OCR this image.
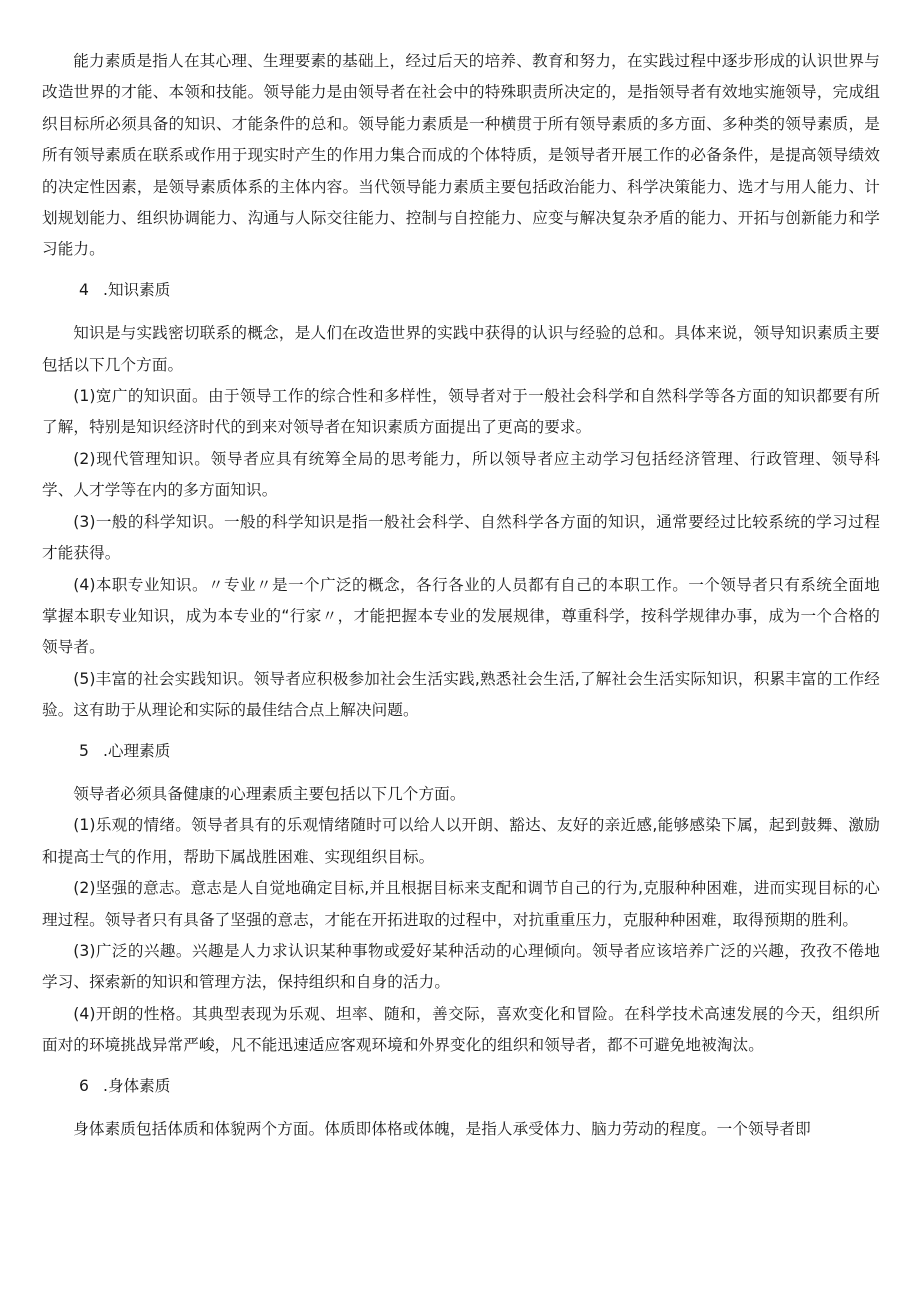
能力素质是指人在其心理、生理要素的基础上，经过后天的培养、教育和努力，在实践过程中逐步形成的认识世界与改造世界的才能、本领和技能。领导能力是由领导者在社会中的特殊职责所决定的，是指领导者有效地实施领导，完成组织目标所必须具备的知识、才能条件的总和。领导能力素质是一种横贯于所有领导素质的多方面、多种类的领导素质，是所有领导素质在联系或作用于现实时产生的作用力集合而成的个体特质，是领导者开展工作的必备条件，是提高领导绩效的决定性因素，是领导素质体系的主体内容。当代领导能力素质主要包括政治能力、科学决策能力、选才与用人能力、计划规划能力、组织协调能力、沟通与人际交往能力、控制与自控能力、应变与解决复杂矛盾的能力、开拓与创新能力和学习能力。

4 .知识素质

知识是与实践密切联系的概念，是人们在改造世界的实践中获得的认识与经验的总和。具体来说，领导知识素质主要包括以下几个方面。

(1)宽广的知识面。由于领导工作的综合性和多样性，领导者对于一般社会科学和自然科学等各方面的知识都要有所了解，特别是知识经济时代的到来对领导者在知识素质方面提出了更高的要求。

(2)现代管理知识。领导者应具有统筹全局的思考能力，所以领导者应主动学习包括经济管理、行政管理、领导科学、人才学等在内的多方面知识。

(3)一般的科学知识。一般的科学知识是指一般社会科学、自然科学各方面的知识，通常要经过比较系统的学习过程才能获得。

(4)本职专业知识。〃专业〃是一个广泛的概念，各行各业的人员都有自己的本职工作。一个领导者只有系统全面地掌握本职专业知识，成为本专业的“行家〃，才能把握本专业的发展规律，尊重科学，按科学规律办事，成为一个合格的领导者。

(5)丰富的社会实践知识。领导者应积极参加社会生活实践,熟悉社会生活,了解社会生活实际知识，积累丰富的工作经验。这有助于从理论和实际的最佳结合点上解决问题。

5 .心理素质

领导者必须具备健康的心理素质主要包括以下几个方面。

(1)乐观的情绪。领导者具有的乐观情绪随时可以给人以开朗、豁达、友好的亲近感,能够感染下属，起到鼓舞、激励和提高士气的作用，帮助下属战胜困难、实现组织目标。

(2)坚强的意志。意志是人自觉地确定目标,并且根据目标来支配和调节自己的行为,克服种种困难，进而实现目标的心理过程。领导者只有具备了坚强的意志，才能在开拓进取的过程中，对抗重重压力，克服种种困难，取得预期的胜利。

(3)广泛的兴趣。兴趣是人力求认识某种事物或爱好某种活动的心理倾向。领导者应该培养广泛的兴趣，孜孜不倦地学习、探索新的知识和管理方法，保持组织和自身的活力。

(4)开朗的性格。其典型表现为乐观、坦率、随和，善交际，喜欢变化和冒险。在科学技术高速发展的今天，组织所面对的环境挑战异常严峻，凡不能迅速适应客观环境和外界变化的组织和领导者，都不可避免地被淘汰。

6 .身体素质

身体素质包括体质和体貌两个方面。体质即体格或体魄，是指人承受体力、脑力劳动的程度。一个领导者即
